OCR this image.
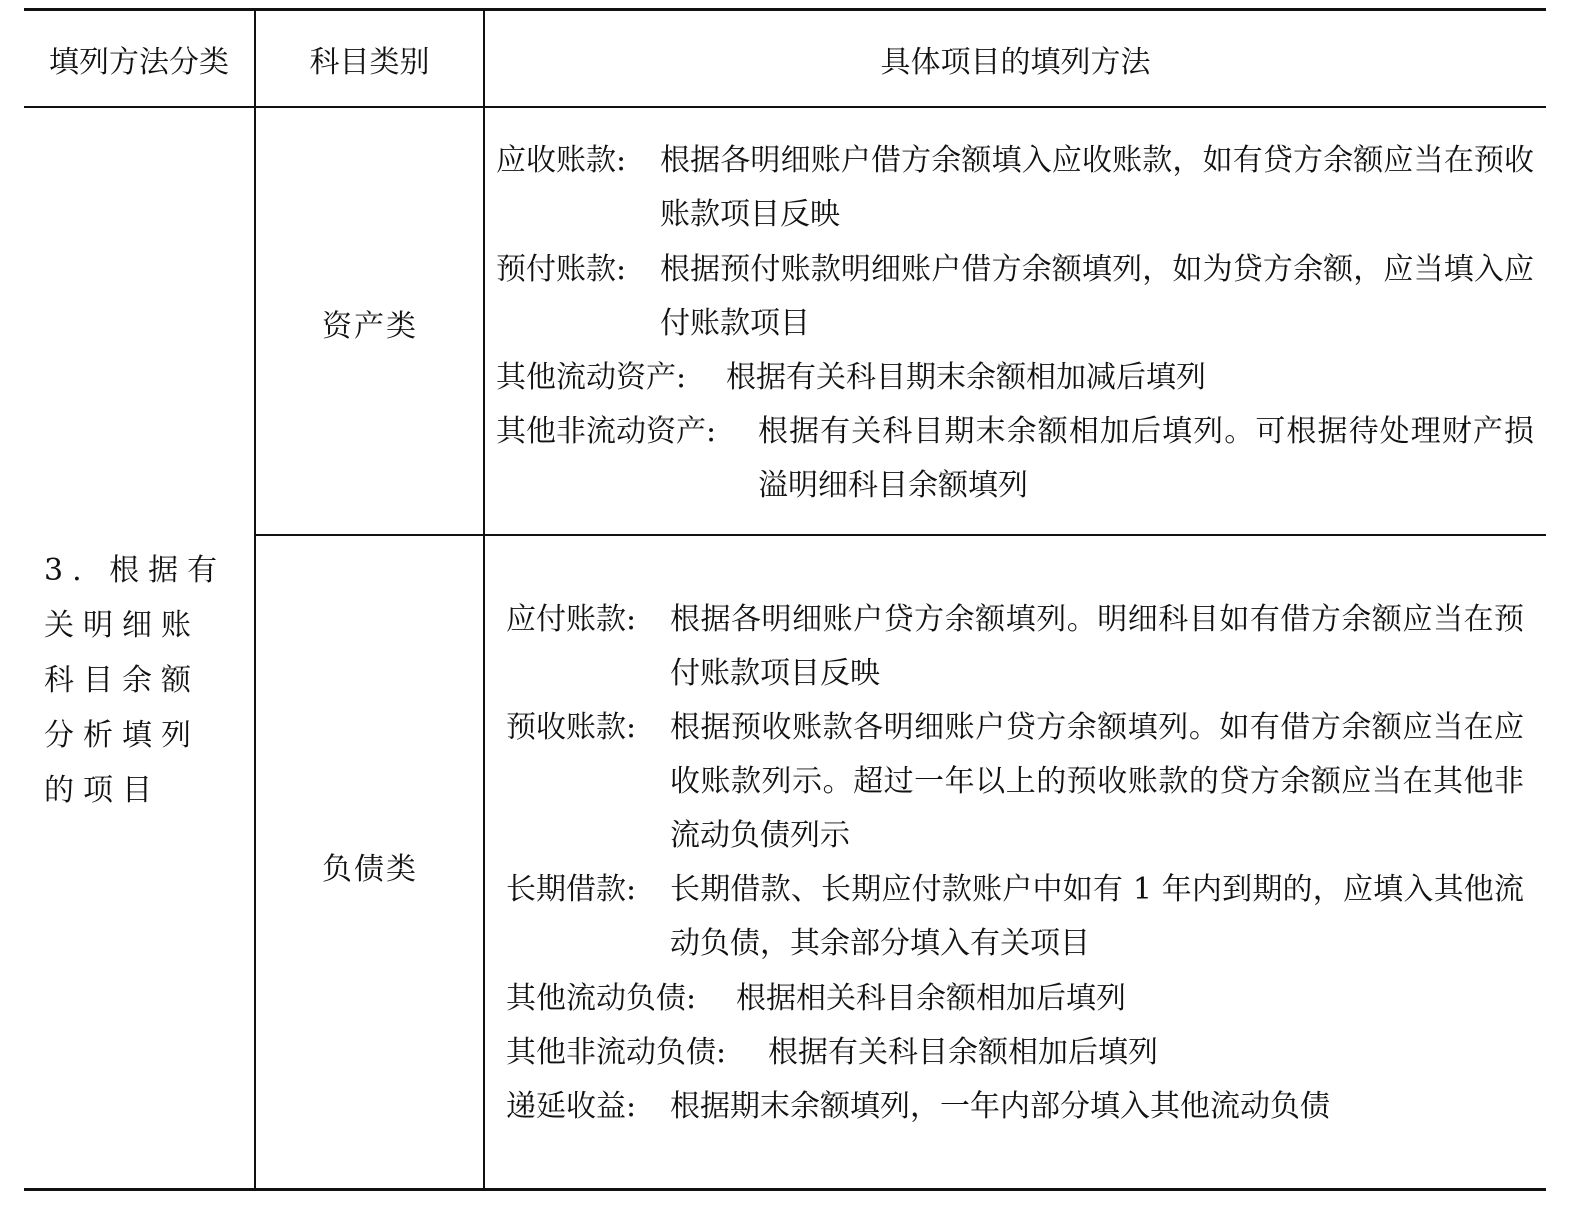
填列方法分类	科目类别	具体项目的填列方法
3. 根据有关明细账科目余额分析填列的项目
资产类
负债类
应收账款: 根据各明细账户借方余额填入应收账款，如有贷方余额应当在预收账款项目反映
预付账款: 根据预付账款明细账户借方余额填列，如为贷方余额，应当填入应付账款项目
其他流动资产: 根据有关科目期末余额相加减后填列
其他非流动资产: 根据有关科目期末余额相加后填列。可根据待处理财产损溢明细科目余额填列
应付账款: 根据各明细账户贷方余额填列。明细科目如有借方余额应当在预付账款项目反映
预收账款: 根据预收账款各明细账户贷方余额填列。如有借方余额应当在应收账款列示。超过一年以上的预收账款的贷方余额应当在其他非流动负债列示
长期借款: 长期借款、长期应付款账户中如有 1 年内到期的，应填入其他流动负债，其余部分填入有关项目
其他流动负债: 根据相关科目余额相加后填列
其他非流动负债: 根据有关科目余额相加后填列
递延收益: 根据期末余额填列，一年内部分填入其他流动负债
